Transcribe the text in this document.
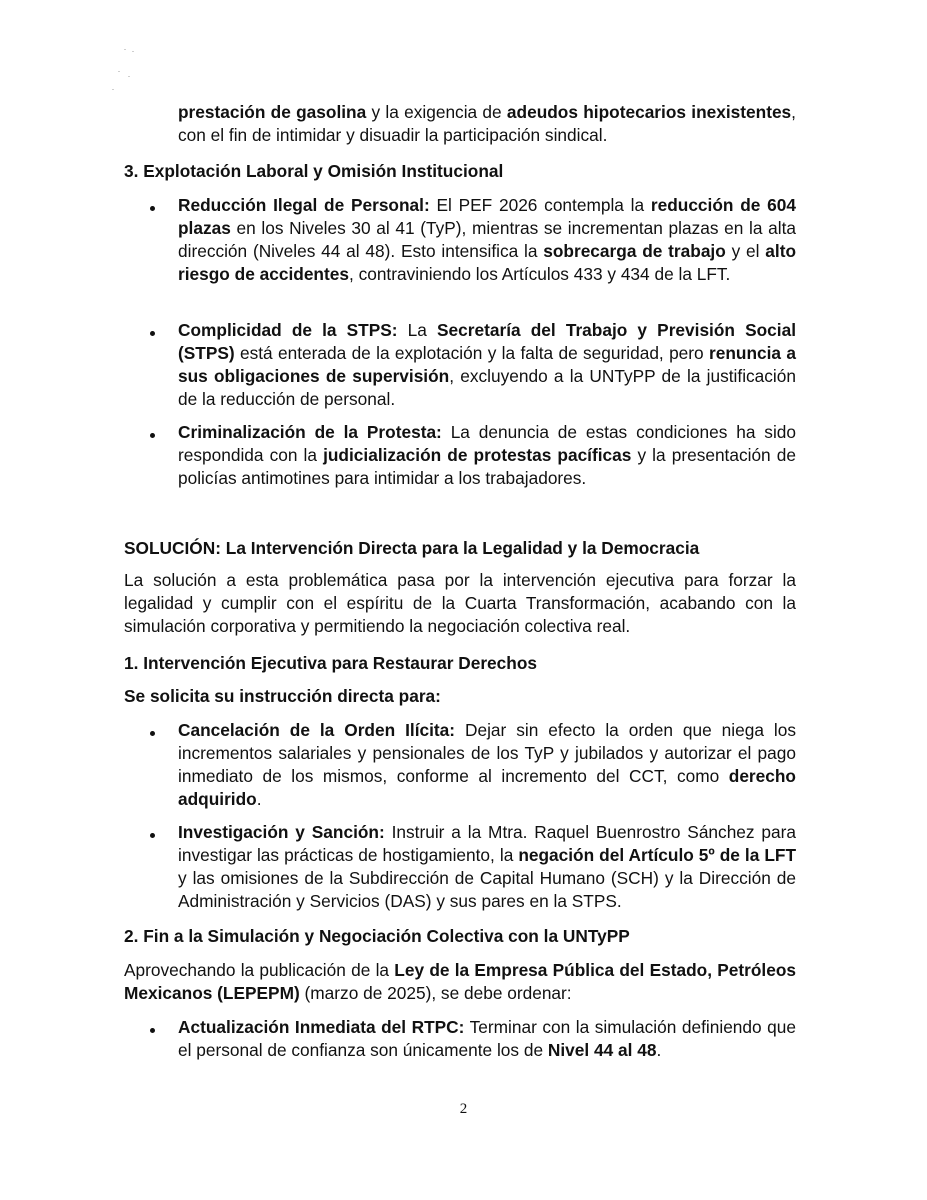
prestación de gasolina y la exigencia de adeudos hipotecarios inexistentes, con el fin de intimidar y disuadir la participación sindical.
3. Explotación Laboral y Omisión Institucional
Reducción Ilegal de Personal: El PEF 2026 contempla la reducción de 604 plazas en los Niveles 30 al 41 (TyP), mientras se incrementan plazas en la alta dirección (Niveles 44 al 48). Esto intensifica la sobrecarga de trabajo y el alto riesgo de accidentes, contraviniendo los Artículos 433 y 434 de la LFT.
Complicidad de la STPS: La Secretaría del Trabajo y Previsión Social (STPS) está enterada de la explotación y la falta de seguridad, pero renuncia a sus obligaciones de supervisión, excluyendo a la UNTyPP de la justificación de la reducción de personal.
Criminalización de la Protesta: La denuncia de estas condiciones ha sido respondida con la judicialización de protestas pacíficas y la presentación de policías antimotines para intimidar a los trabajadores.
SOLUCIÓN: La Intervención Directa para la Legalidad y la Democracia
La solución a esta problemática pasa por la intervención ejecutiva para forzar la legalidad y cumplir con el espíritu de la Cuarta Transformación, acabando con la simulación corporativa y permitiendo la negociación colectiva real.
1. Intervención Ejecutiva para Restaurar Derechos
Se solicita su instrucción directa para:
Cancelación de la Orden Ilícita: Dejar sin efecto la orden que niega los incrementos salariales y pensionales de los TyP y jubilados y autorizar el pago inmediato de los mismos, conforme al incremento del CCT, como derecho adquirido.
Investigación y Sanción: Instruir a la Mtra. Raquel Buenrostro Sánchez para investigar las prácticas de hostigamiento, la negación del Artículo 5º de la LFT y las omisiones de la Subdirección de Capital Humano (SCH) y la Dirección de Administración y Servicios (DAS) y sus pares en la STPS.
2. Fin a la Simulación y Negociación Colectiva con la UNTyPP
Aprovechando la publicación de la Ley de la Empresa Pública del Estado, Petróleos Mexicanos (LEPEPM) (marzo de 2025), se debe ordenar:
Actualización Inmediata del RTPC: Terminar con la simulación definiendo que el personal de confianza son únicamente los de Nivel 44 al 48.
2
